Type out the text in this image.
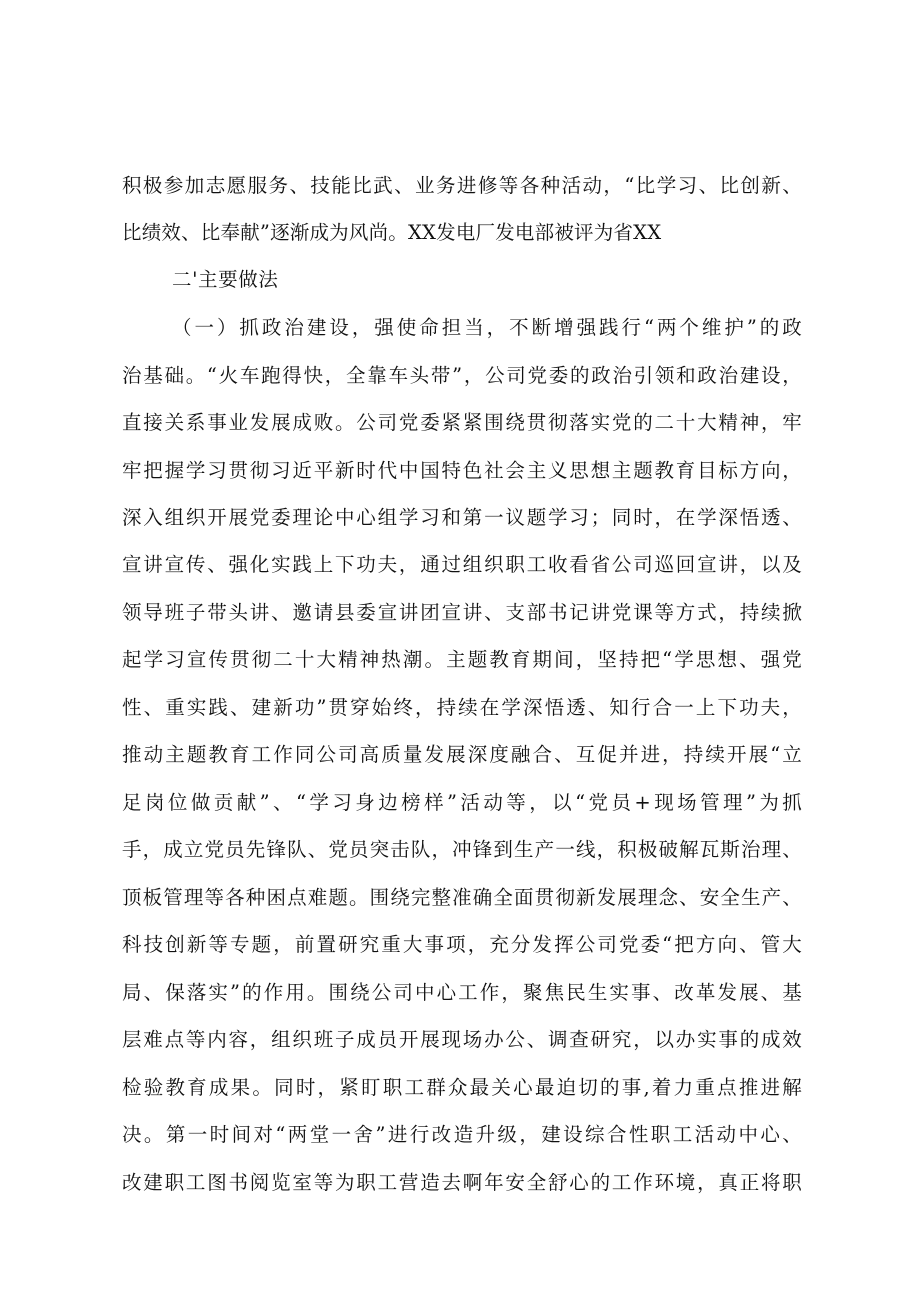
积极参加志愿服务、技能比武、业务进修等各种活动，“比学习、比创新、
比绩效、比奉献”逐渐成为风尚。XX发电厂发电部被评为省XX
二'主要做法
（一）抓政治建设，强使命担当，不断增强践行“两个维护”的政
治基础。“火车跑得快，全靠车头带”，公司党委的政治引领和政治建设，
直接关系事业发展成败。公司党委紧紧围绕贯彻落实党的二十大精神，牢
牢把握学习贯彻习近平新时代中国特色社会主义思想主题教育目标方向，
深入组织开展党委理论中心组学习和第一议题学习；同时，在学深悟透、
宣讲宣传、强化实践上下功夫，通过组织职工收看省公司巡回宣讲，以及
领导班子带头讲、邀请县委宣讲团宣讲、支部书记讲党课等方式，持续掀
起学习宣传贯彻二十大精神热潮。主题教育期间，坚持把“学思想、强党
性、重实践、建新功”贯穿始终，持续在学深悟透、知行合一上下功夫，
推动主题教育工作同公司高质量发展深度融合、互促并进，持续开展“立
足岗位做贡献”、“学习身边榜样”活动等，以“党员+现场管理”为抓
手，成立党员先锋队、党员突击队，冲锋到生产一线，积极破解瓦斯治理、
顶板管理等各种困点难题。围绕完整准确全面贯彻新发展理念、安全生产、
科技创新等专题，前置研究重大事项，充分发挥公司党委“把方向、管大
局、保落实”的作用。围绕公司中心工作，聚焦民生实事、改革发展、基
层难点等内容，组织班子成员开展现场办公、调查研究，以办实事的成效
检验教育成果。同时，紧盯职工群众最关心最迫切的事,着力重点推进解
决。第一时间对“两堂一舍”进行改造升级，建设综合性职工活动中心、
改建职工图书阅览室等为职工营造去啊年安全舒心的工作环境，真正将职
